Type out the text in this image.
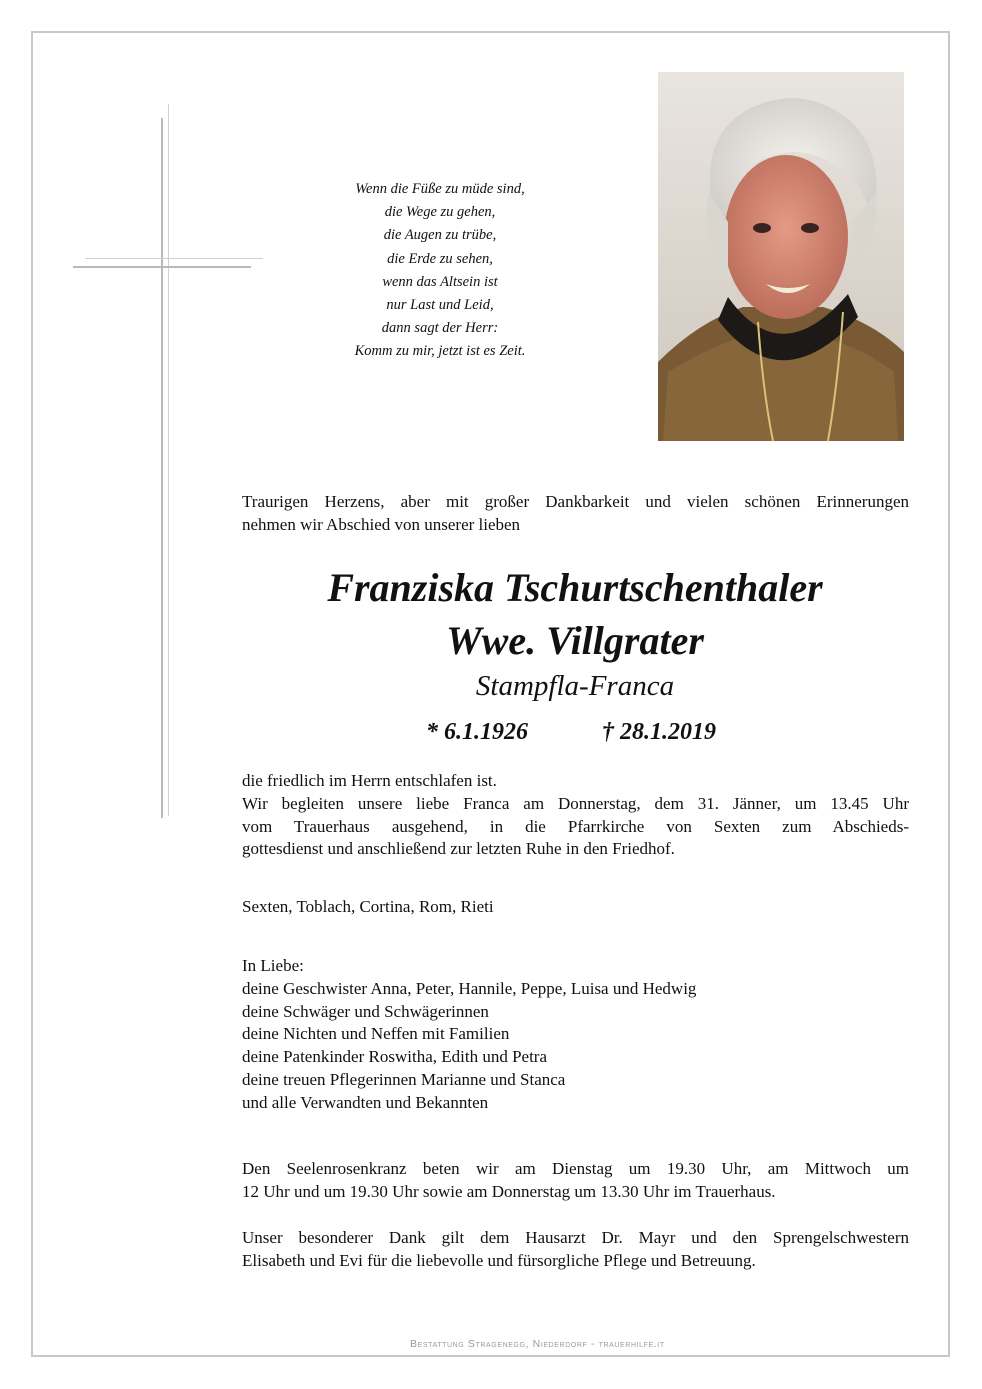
Wenn die Füße zu müde sind,
die Wege zu gehen,
die Augen zu trübe,
die Erde zu sehen,
wenn das Altsein ist
nur Last und Leid,
dann sagt der Herr:
Komm zu mir, jetzt ist es Zeit.
Traurigen Herzens, aber mit großer Dankbarkeit und vielen schönen Erinnerungen
nehmen wir Abschied von unserer lieben
Franziska Tschurtschenthaler
Wwe. Villgrater
Stampfla-Franca
* 6.1.1926	† 28.1.2019
die friedlich im Herrn entschlafen ist.
Wir begleiten unsere liebe Franca am Donnerstag, dem 31. Jänner, um 13.45 Uhr
vom Trauerhaus ausgehend, in die Pfarrkirche von Sexten zum Abschieds-
gottesdienst und anschließend zur letzten Ruhe in den Friedhof.
Sexten, Toblach, Cortina, Rom, Rieti
In Liebe:
deine Geschwister Anna, Peter, Hannile, Peppe, Luisa und Hedwig
deine Schwäger und Schwägerinnen
deine Nichten und Neffen mit Familien
deine Patenkinder Roswitha, Edith und Petra
deine treuen Pflegerinnen Marianne und Stanca
und alle Verwandten und Bekannten
Den Seelenrosenkranz beten wir am Dienstag um 19.30 Uhr, am Mittwoch um
12 Uhr und um 19.30 Uhr sowie am Donnerstag um 13.30 Uhr im Trauerhaus.
Unser besonderer Dank gilt dem Hausarzt Dr. Mayr und den Sprengelschwestern
Elisabeth und Evi für die liebevolle und fürsorgliche Pflege und Betreuung.
Bestattung Stragenegg, Niederdorf - trauerhilfe.it
